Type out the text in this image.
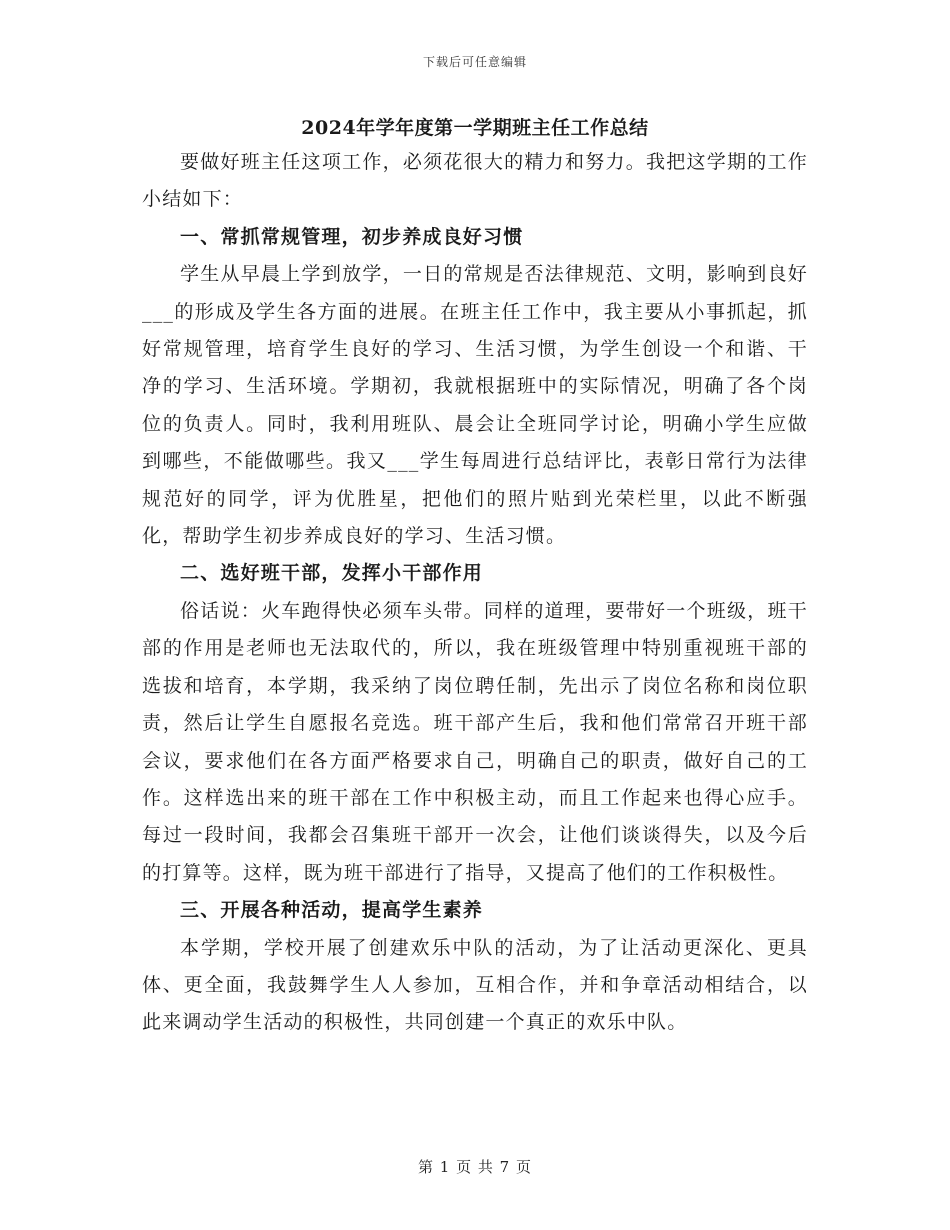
下载后可任意编辑
2024年学年度第一学期班主任工作总结

要做好班主任这项工作，必须花很大的精力和努力。我把这学期的工作小结如下：

一、常抓常规管理，初步养成良好习惯

学生从早晨上学到放学，一日的常规是否法律规范、文明，影响到良好___的形成及学生各方面的进展。在班主任工作中，我主要从小事抓起，抓好常规管理，培育学生良好的学习、生活习惯，为学生创设一个和谐、干净的学习、生活环境。学期初，我就根据班中的实际情况，明确了各个岗位的负责人。同时，我利用班队、晨会让全班同学讨论，明确小学生应做到哪些，不能做哪些。我又___学生每周进行总结评比，表彰日常行为法律规范好的同学，评为优胜星，把他们的照片贴到光荣栏里，以此不断强化，帮助学生初步养成良好的学习、生活习惯。

二、选好班干部，发挥小干部作用

俗话说：火车跑得快必须车头带。同样的道理，要带好一个班级，班干部的作用是老师也无法取代的，所以，我在班级管理中特别重视班干部的选拔和培育，本学期，我采纳了岗位聘任制，先出示了岗位名称和岗位职责，然后让学生自愿报名竞选。班干部产生后，我和他们常常召开班干部会议，要求他们在各方面严格要求自己，明确自己的职责，做好自己的工作。这样选出来的班干部在工作中积极主动，而且工作起来也得心应手。每过一段时间，我都会召集班干部开一次会，让他们谈谈得失，以及今后的打算等。这样，既为班干部进行了指导，又提高了他们的工作积极性。

三、开展各种活动，提高学生素养

本学期，学校开展了创建欢乐中队的活动，为了让活动更深化、更具体、更全面，我鼓舞学生人人参加，互相合作，并和争章活动相结合，以此来调动学生活动的积极性，共同创建一个真正的欢乐中队。

第 1 页 共 7 页
